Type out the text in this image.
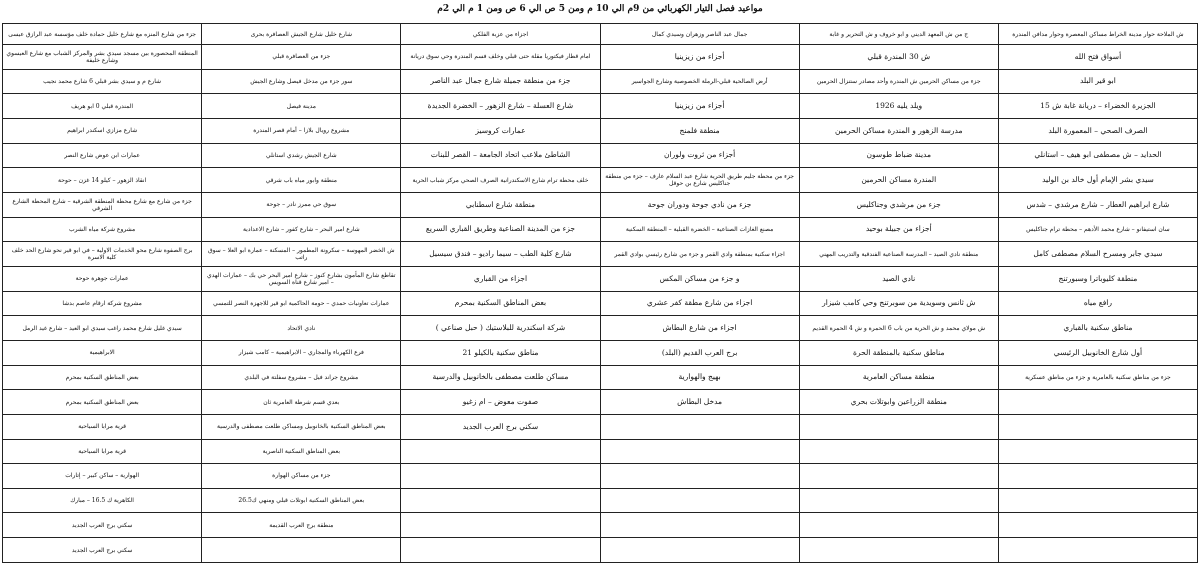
مواعيد فصل التيار الكهربائي من 9م الي 10 م ومن 5 ص الي 6 ص ومن 1 م الي 2م
ش الملاحة حوار مدينة الخراط مساكن المعصرة وحوار مدافن المندرة	ج من ش المعهد الديني و ابو خروف و ش التحرير و غابة	جمال عبد الناصر وزهران وسيدي كمال	اجزاء من عزبة الفلكي	شارع خليل شارع الجيش العصافرة بحرى	جزء من شارع المنزه مع شارع خليل حمادة خلف مؤسسة عبد الرازق عيسى
أسواق فتح الله	ش 30 المندرة قبلي	أجزاء من زيزينيا	امام قطار فيكتوريا مقلة حتى قبلي وخلف فسم المندرة وحي سوق دريانة	جزء من العصافرة قبلي	المنطقة المحصورة بين مسجد سيدي بشر والمركز الشباب مع شارع العيسوي وشارع خليفة
ابو قير البلد	جزء من مساكن الحرمين ش المندرة وأحد مصادر ستنزال الحرمين	أرض الصالحية قبلي-الرملة الخصوصية وشارع الجواسير	جزء من منطقة جميلة شارع جمال عبد الناصر	سور جزء من مدخل فيصل وشارع الجيش	شارع م و سيدي بشر قبلي 6 شارع محمد نجيب
الجزيرة الخضراء – دريانة غابة ش 15	ويلد يليه 1926	أجزاء من زيزينيا	شارع العسلة – شارع الزهور – الخضرة الجديدة	مدينة فيصل	المندرة قبلي 0 ابو هريف
الصرف الصحي – المعمورة البلد	مدرسة الزهور و المندرة مساكن الحرمين	منطقة فلمنج	عمارات كروسيز	مشروع رويال بلازا – أمام قصر المندرة	شارع مزازي اسكندر ابراهيم
الحدايد – ش مصطفى ابو هيف – استانلي	مدينة ضباط طوسون	أجزاء من ثروت ولوران	الشاطئ ملاعب اتحاد الجامعة – القصر للبنات	شارع الجيش رشدي استانلي	عمارات ابن عوض شارع النصر
سيدي بشر الإمام أول خالد بن الوليد	المندرة مساكن الحرمين	جزء من محطة جليم طريق الحرية شارع عبد السلام عارف – جزء من منطقة جناكليس شارع بن حوقل	خلف محطة ترام شارع الاسكندرانية الصرف الصحي مركز شباب الحرية	منطقة وابور مياه باب شرقي	انقاذ الزهور – كيلو 14 غزن – حوحة
شارع ابراهيم العطار – شارع مرشدي – شدس	جزء من مرشدي وجناكليس	جزء من نادي جوحة ودوران جوحة	منطقة شارع اسطنابي	سوق حي ممرز نادر – جوحة	جزء من شارع مع شارع محطة المنطقة الشرقية – شارع المحطة الشارع الشرقي
سان استيفانو – شارع محمد الأدهم – محطة ترام جناكليس	أجزاء من جبيلة بوحيد	مصنع الغازات الصناعية – الخضرة القبلية – المنطقة السكنية	جزء من المدينة الصناعية وطريق القباري السريع	شارع امير البحر – شارع كفور – شارع الاعدادية	مشروع شركة مياه الشرب
سيدي جابر ومسرح السلام مصطفى كامل	منطقة نادي الصيد – المدرسة الصناعية الفندقية والتدريب المهني	اجزاء سكنية بمنطقة وادي القمر و جزء من شارع رئيسي بوادي القمر	شارع كلية الطب – سيما راديو – فندق سيسيل	ش الخضر المهوسة – سكرونة المطمور – المسكنة – عمارة ابو العلا – سوق راتب	برج الصفوة شارع محو الخدمات الاولية – في ابو قير نحو شارع الحد خلف كلية الاسرة
منطقة كليوباترا وسبورتنج	نادي الصيد	و جزء من مساكن المكس	اجزاء من القباري	تقاطع شارع المأمون بشارع كنوز – شارع امير البحر حي بك – عمارات الهدي – امير شارع قناة السويس	عمارات جوهرة حوحة
رافع مياه	ش ثانس وسويدية من سوبرتنج وحي كامب شيزار	اجزاء من شارع مطقة كفر عشري	بعض المناطق السكنية بمحرم	عمارات تعاونيات حمدي – حومة الحاكمية ابو قير للاجهزة النصر للتمسي	مشروع شركة ارقام عاصم بدشا
مناطق سكنية بالقباري	ش مولاي محمد و ش الحرية من باب 6 الحمرة و ش 4 الحمرة القديم	اجزاء من شارع البطاش	شركة اسكندرية للبلاستيك ( حبل صناعي )	نادي الاتحاد	سيدي غليل شارع محمد راغب سيدي ابو العيد – شارع غيد الرمل
أول شارع الخانوبيل الرئيسي	مناطق سكنية بالمنطقة الحرة	برج العرب القديم (البلد)	مناطق سكنية بالكيلو 21	فرع الكهرباء والمجاري – الابراهيمية – كامب شيزار	الابراهيمية
جزء من مناطق سكنية بالعامرية و جزء من مناطق عسكرية	منطقة مساكن العامرية	بهيج والهوارية	مساكن طلعت مصطفى بالخانوبيل والدرسية	مشروع جراند فيل – مشروع سفلتة في البلدي	بعض المناطق السكنية بمحرم
	منطقة الزراعين وابوتلات بحري	مدخل البطاش	صفوت معوض – ام زغيو	بعدي قسم شرطة العامرية ثان	بعض المناطق السكنية بمحرم
			سكني برج العرب الجديد	بعض المناطق السكنية بالخانوبيل ومساكن طلعت مصطفى والدرسية	قرية مرابا السياحية
				بعض المناطق السكنية الناصرية	قرية مرابا السياحية
				جزء من مساكن الهوارة	الهوارية – ساكن كبير – إتارات
				بعض المناطق السكنية ابوتلات قبلي ومنهي ك26.5	الكاهرية ك 16.5 – مبارك
				منطقة برج العرب القديمة	سكني برج العرب الجديد
					سكني برج العرب الجديد
